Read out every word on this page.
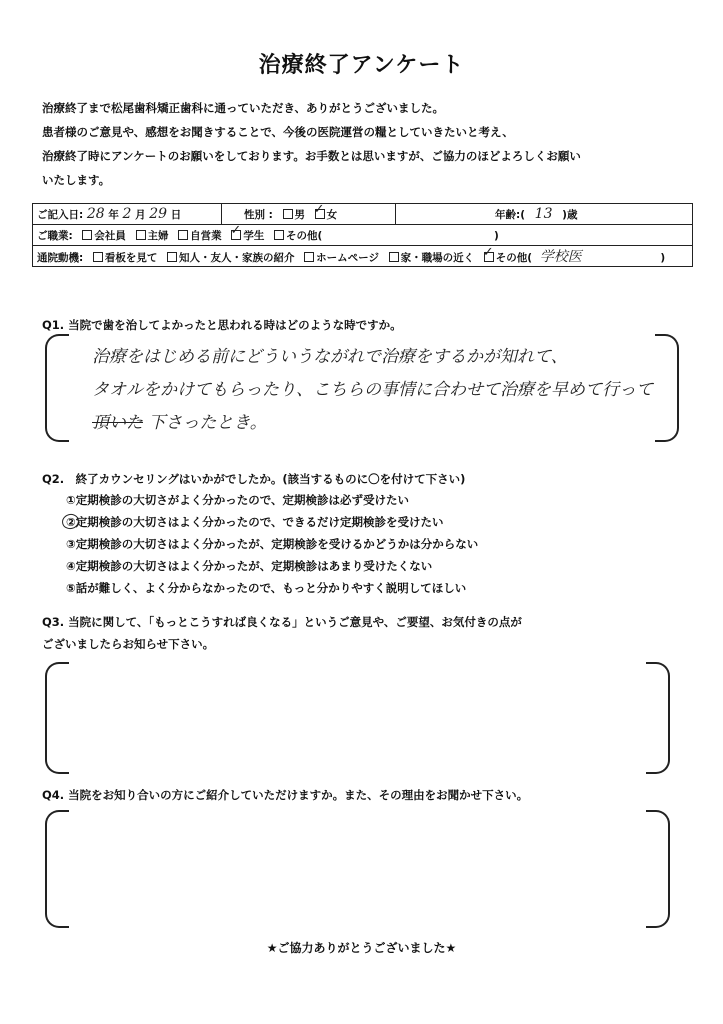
治療終了アンケート
治療終了まで松尾歯科矯正歯科に通っていただき、ありがとうございました。
患者様のご意見や、感想をお聞きすることで、今後の医院運営の糧としていきたいと考え、
治療終了時にアンケートのお願いをしております。お手数とは思いますが、ご協力のほどよろしくお願い
いたします。
ご記入日: 28 年 2 月 29 日	性別 : 男 ✓ 女	年齢:( 13 )歳
ご職業: 会社員 主婦 自営業 ✓ 学生 その他(	)
通院動機: 看板を見て 知人・友人・家族の紹介 ホームページ 家・職場の近く ✓ その他( 学校医	)
Q1. 当院で歯を治してよかったと思われる時はどのような時ですか。
治療をはじめる前にどういうながれで治療をするかが知れて、
タオルをかけてもらったり、こちらの事情に合わせて治療を早めて行って
頂いた 下さったとき。
Q2.　終了カウンセリングはいかがでしたか。(該当するものに〇を付けて下さい)
①定期検診の大切さがよく分かったので、定期検診は必ず受けたい
②定期検診の大切さはよく分かったので、できるだけ定期検診を受けたい
③定期検診の大切さはよく分かったが、定期検診を受けるかどうかは分からない
④定期検診の大切さはよく分かったが、定期検診はあまり受けたくない
⑤話が難しく、よく分からなかったので、もっと分かりやすく説明してほしい
Q3. 当院に関して、「もっとこうすれば良くなる」というご意見や、ご要望、お気付きの点が
ございましたらお知らせ下さい。
Q4. 当院をお知り合いの方にご紹介していただけますか。また、その理由をお聞かせ下さい。
★ご協力ありがとうございました★
